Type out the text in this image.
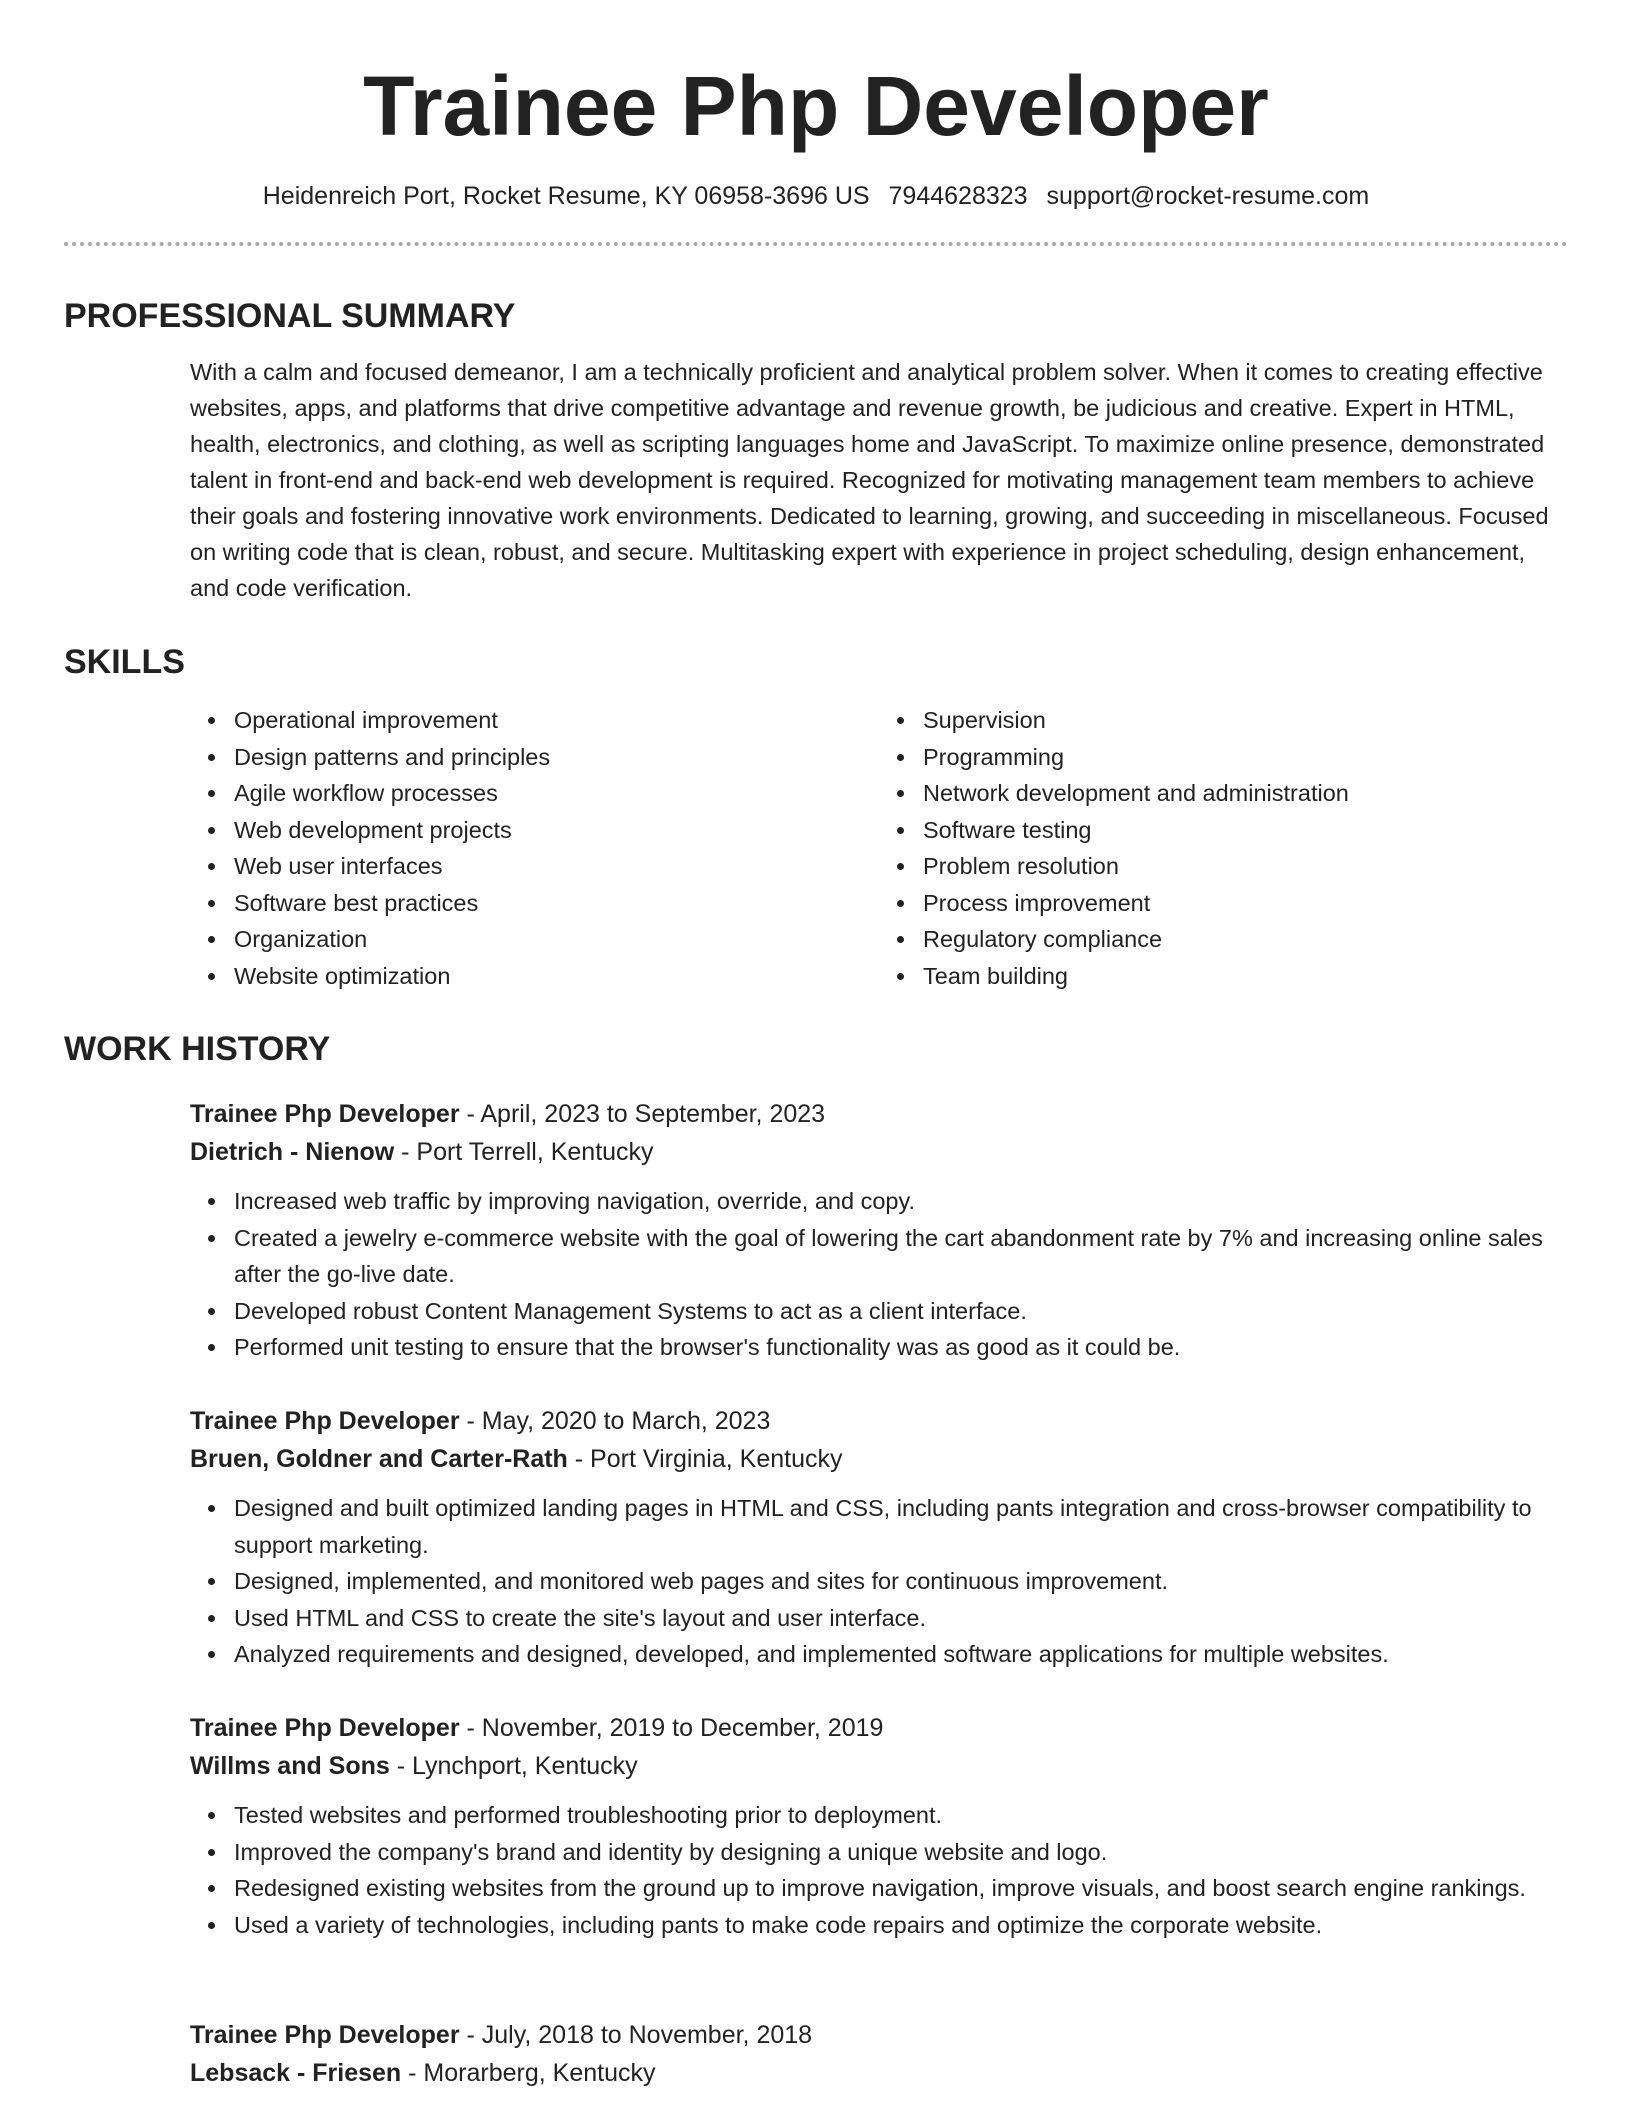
Trainee Php Developer
Heidenreich Port, Rocket Resume, KY 06958-3696 US 7944628323 support@rocket-resume.com
PROFESSIONAL SUMMARY
With a calm and focused demeanor, I am a technically proficient and analytical problem solver. When it comes to creating effective websites, apps, and platforms that drive competitive advantage and revenue growth, be judicious and creative. Expert in HTML, health, electronics, and clothing, as well as scripting languages home and JavaScript. To maximize online presence, demonstrated talent in front-end and back-end web development is required. Recognized for motivating management team members to achieve their goals and fostering innovative work environments. Dedicated to learning, growing, and succeeding in miscellaneous. Focused on writing code that is clean, robust, and secure. Multitasking expert with experience in project scheduling, design enhancement, and code verification.
SKILLS
Operational improvement
Design patterns and principles
Agile workflow processes
Web development projects
Web user interfaces
Software best practices
Organization
Website optimization
Supervision
Programming
Network development and administration
Software testing
Problem resolution
Process improvement
Regulatory compliance
Team building
WORK HISTORY
Trainee Php Developer - April, 2023 to September, 2023
Dietrich - Nienow - Port Terrell, Kentucky
Increased web traffic by improving navigation, override, and copy.
Created a jewelry e-commerce website with the goal of lowering the cart abandonment rate by 7% and increasing online sales after the go-live date.
Developed robust Content Management Systems to act as a client interface.
Performed unit testing to ensure that the browser's functionality was as good as it could be.
Trainee Php Developer - May, 2020 to March, 2023
Bruen, Goldner and Carter-Rath - Port Virginia, Kentucky
Designed and built optimized landing pages in HTML and CSS, including pants integration and cross-browser compatibility to support marketing.
Designed, implemented, and monitored web pages and sites for continuous improvement.
Used HTML and CSS to create the site's layout and user interface.
Analyzed requirements and designed, developed, and implemented software applications for multiple websites.
Trainee Php Developer - November, 2019 to December, 2019
Willms and Sons - Lynchport, Kentucky
Tested websites and performed troubleshooting prior to deployment.
Improved the company's brand and identity by designing a unique website and logo.
Redesigned existing websites from the ground up to improve navigation, improve visuals, and boost search engine rankings.
Used a variety of technologies, including pants to make code repairs and optimize the corporate website.
Trainee Php Developer - July, 2018 to November, 2018
Lebsack - Friesen - Morarberg, Kentucky
